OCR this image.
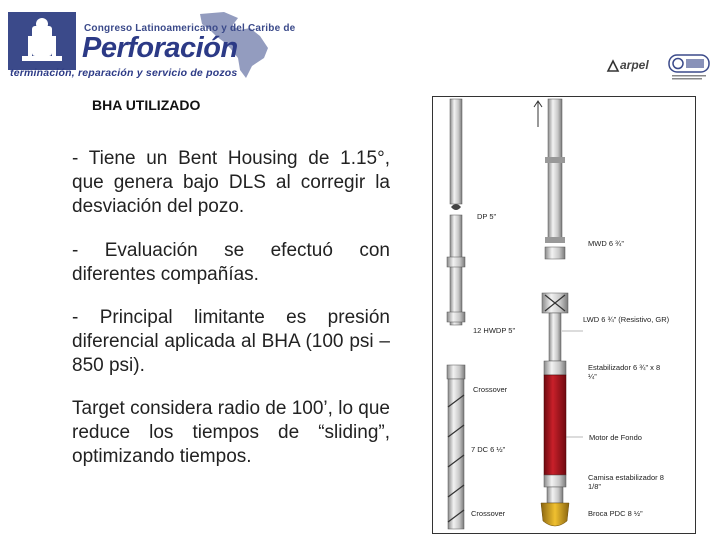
Congreso Latinoamericano y del Caribe de
Perforación
terminación, reparación y servicio de pozos
arpel
BHA UTILIZADO
- Tiene un Bent Housing de 1.15°, que genera bajo DLS al corregir la desviación del pozo.
- Evaluación se efectuó con diferentes compañías.
- Principal limitante es presión diferencial aplicada al BHA (100 psi – 850 psi).
Target considera radio de 100’, lo que reduce los tiempos de “sliding”, optimizando tiempos.
DP 5”
MWD 6 ¾”
LWD 6 ¾” (Resistivo, GR)
12 HWDP 5”
Estabilizador 6 ¾” x 8 ¼”
Crossover
Motor de Fondo
7 DC 6 ½”
Camisa estabilizador 8 1/8”
Crossover	Broca PDC 8 ½”
